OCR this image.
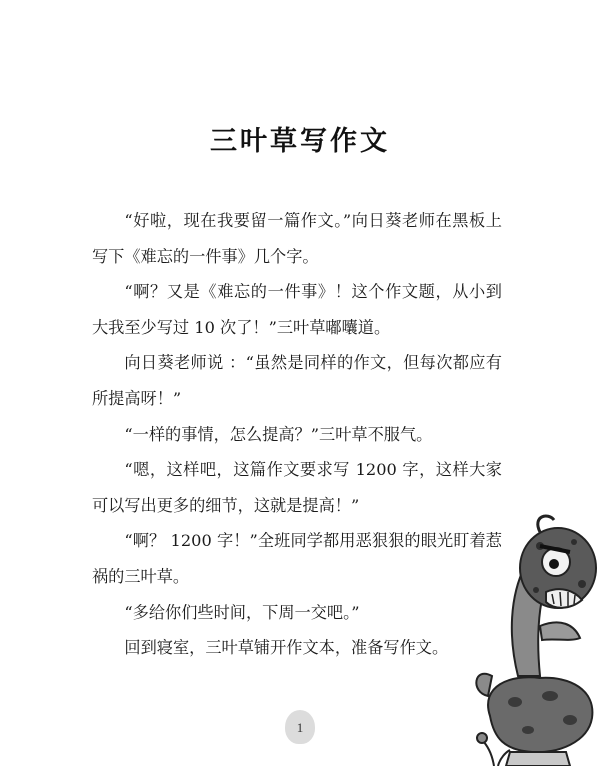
三叶草写作文

“好啦，现在我要留一篇作文。”向日葵老师在黑板上写下《难忘的一件事》几个字。

“啊？又是《难忘的一件事》！这个作文题，从小到大我至少写过 10 次了！”三叶草嘟囔道。

向日葵老师说 ：“虽然是同样的作文，但每次都应有所提高呀！”

“一样的事情，怎么提高？”三叶草不服气。

“嗯，这样吧，这篇作文要求写 1200 字，这样大家可以写出更多的细节，这就是提高！”

“啊？ 1200 字！”全班同学都用恶狠狠的眼光盯着惹祸的三叶草。

“多给你们些时间，下周一交吧。”

回到寝室，三叶草铺开作文本，准备写作文。

1
